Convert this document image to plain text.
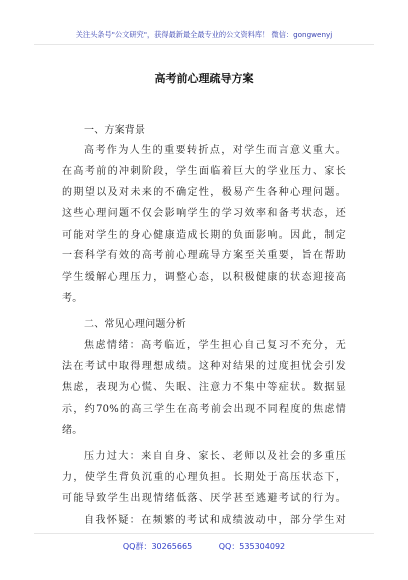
关注头条号"公文研究"，获得最新最全最专业的公文资料库！ 微信：gongwenyj
高考前心理疏导方案
一、方案背景
高考作为人生的重要转折点，对学生而言意义重大。
在高考前的冲刺阶段，学生面临着巨大的学业压力、家长
的期望以及对未来的不确定性，极易产生各种心理问题。
这些心理问题不仅会影响学生的学习效率和备考状态，还
可能对学生的身心健康造成长期的负面影响。因此，制定
一套科学有效的高考前心理疏导方案至关重要，旨在帮助
学生缓解心理压力，调整心态，以积极健康的状态迎接高
考。
二、常见心理问题分析
焦虑情绪：高考临近，学生担心自己复习不充分，无
法在考试中取得理想成绩。这种对结果的过度担忧会引发
焦虑，表现为心慌、失眠、注意力不集中等症状。数据显
示，约70%的高三学生在高考前会出现不同程度的焦虑情
绪。
压力过大：来自自身、家长、老师以及社会的多重压
力，使学生背负沉重的心理负担。长期处于高压状态下，
可能导致学生出现情绪低落、厌学甚至逃避考试的行为。
自我怀疑：在频繁的考试和成绩波动中，部分学生对
QQ群：30265665	QQ：535304092
